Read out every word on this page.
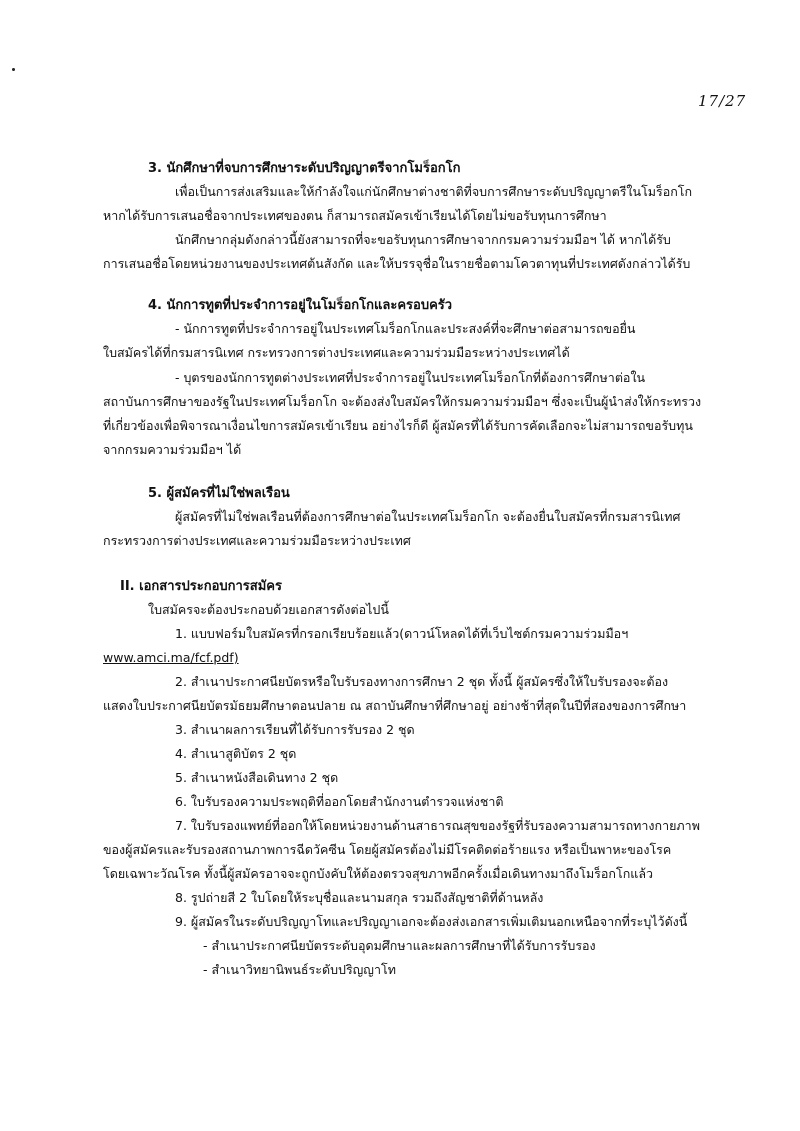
17/27
3. นักศึกษาที่จบการศึกษาระดับปริญญาตรีจากโมร็อกโก
เพื่อเป็นการส่งเสริมและให้กำลังใจแก่นักศึกษาต่างชาติที่จบการศึกษาระดับปริญญาตรีในโมร็อกโก
หากได้รับการเสนอชื่อจากประเทศของตน ก็สามารถสมัครเข้าเรียนได้โดยไม่ขอรับทุนการศึกษา
นักศึกษากลุ่มดังกล่าวนี้ยังสามารถที่จะขอรับทุนการศึกษาจากกรมความร่วมมือฯ ได้ หากได้รับ
การเสนอชื่อโดยหน่วยงานของประเทศต้นสังกัด และให้บรรจุชื่อในรายชื่อตามโควตาทุนที่ประเทศดังกล่าวได้รับ
4. นักการทูตที่ประจำการอยู่ในโมร็อกโกและครอบครัว
- นักการทูตที่ประจำการอยู่ในประเทศโมร็อกโกและประสงค์ที่จะศึกษาต่อสามารถขอยื่น
ใบสมัครได้ที่กรมสารนิเทศ กระทรวงการต่างประเทศและความร่วมมือระหว่างประเทศได้
- บุตรของนักการทูตต่างประเทศที่ประจำการอยู่ในประเทศโมร็อกโกที่ต้องการศึกษาต่อใน
สถาบันการศึกษาของรัฐในประเทศโมร็อกโก จะต้องส่งใบสมัครให้กรมความร่วมมือฯ ซึ่งจะเป็นผู้นำส่งให้กระทรวง
ที่เกี่ยวข้องเพื่อพิจารณาเงื่อนไขการสมัครเข้าเรียน อย่างไรก็ดี ผู้สมัครที่ได้รับการคัดเลือกจะไม่สามารถขอรับทุน
จากกรมความร่วมมือฯ ได้
5. ผู้สมัครที่ไม่ใช่พลเรือน
ผู้สมัครที่ไม่ใช่พลเรือนที่ต้องการศึกษาต่อในประเทศโมร็อกโก จะต้องยื่นใบสมัครที่กรมสารนิเทศ
กระทรวงการต่างประเทศและความร่วมมือระหว่างประเทศ
II. เอกสารประกอบการสมัคร
ใบสมัครจะต้องประกอบด้วยเอกสารดังต่อไปนี้
1. แบบฟอร์มใบสมัครที่กรอกเรียบร้อยแล้ว(ดาวน์โหลดได้ที่เว็บไซต์กรมความร่วมมือฯ
www.amci.ma/fcf.pdf)
2. สำเนาประกาศนียบัตรหรือใบรับรองทางการศึกษา 2 ชุด ทั้งนี้ ผู้สมัครซึ่งให้ใบรับรองจะต้อง
แสดงใบประกาศนียบัตรมัธยมศึกษาตอนปลาย ณ สถาบันศึกษาที่ศึกษาอยู่ อย่างช้าที่สุดในปีที่สองของการศึกษา
3. สำเนาผลการเรียนที่ได้รับการรับรอง 2 ชุด
4. สำเนาสูติบัตร 2 ชุด
5. สำเนาหนังสือเดินทาง 2 ชุด
6. ใบรับรองความประพฤติที่ออกโดยสำนักงานตำรวจแห่งชาติ
7. ใบรับรองแพทย์ที่ออกให้โดยหน่วยงานด้านสาธารณสุขของรัฐที่รับรองความสามารถทางกายภาพ
ของผู้สมัครและรับรองสถานภาพการฉีดวัคซีน โดยผู้สมัครต้องไม่มีโรคติดต่อร้ายแรง หรือเป็นพาหะของโรค
โดยเฉพาะวัณโรค ทั้งนี้ผู้สมัครอาจจะถูกบังคับให้ต้องตรวจสุขภาพอีกครั้งเมื่อเดินทางมาถึงโมร็อกโกแล้ว
8. รูปถ่ายสี 2 ใบโดยให้ระบุชื่อและนามสกุล รวมถึงสัญชาติที่ด้านหลัง
9. ผู้สมัครในระดับปริญญาโทและปริญญาเอกจะต้องส่งเอกสารเพิ่มเติมนอกเหนือจากที่ระบุไว้ดังนี้
- สำเนาประกาศนียบัตรระดับอุดมศึกษาและผลการศึกษาที่ได้รับการรับรอง
- สำเนาวิทยานิพนธ์ระดับปริญญาโท
